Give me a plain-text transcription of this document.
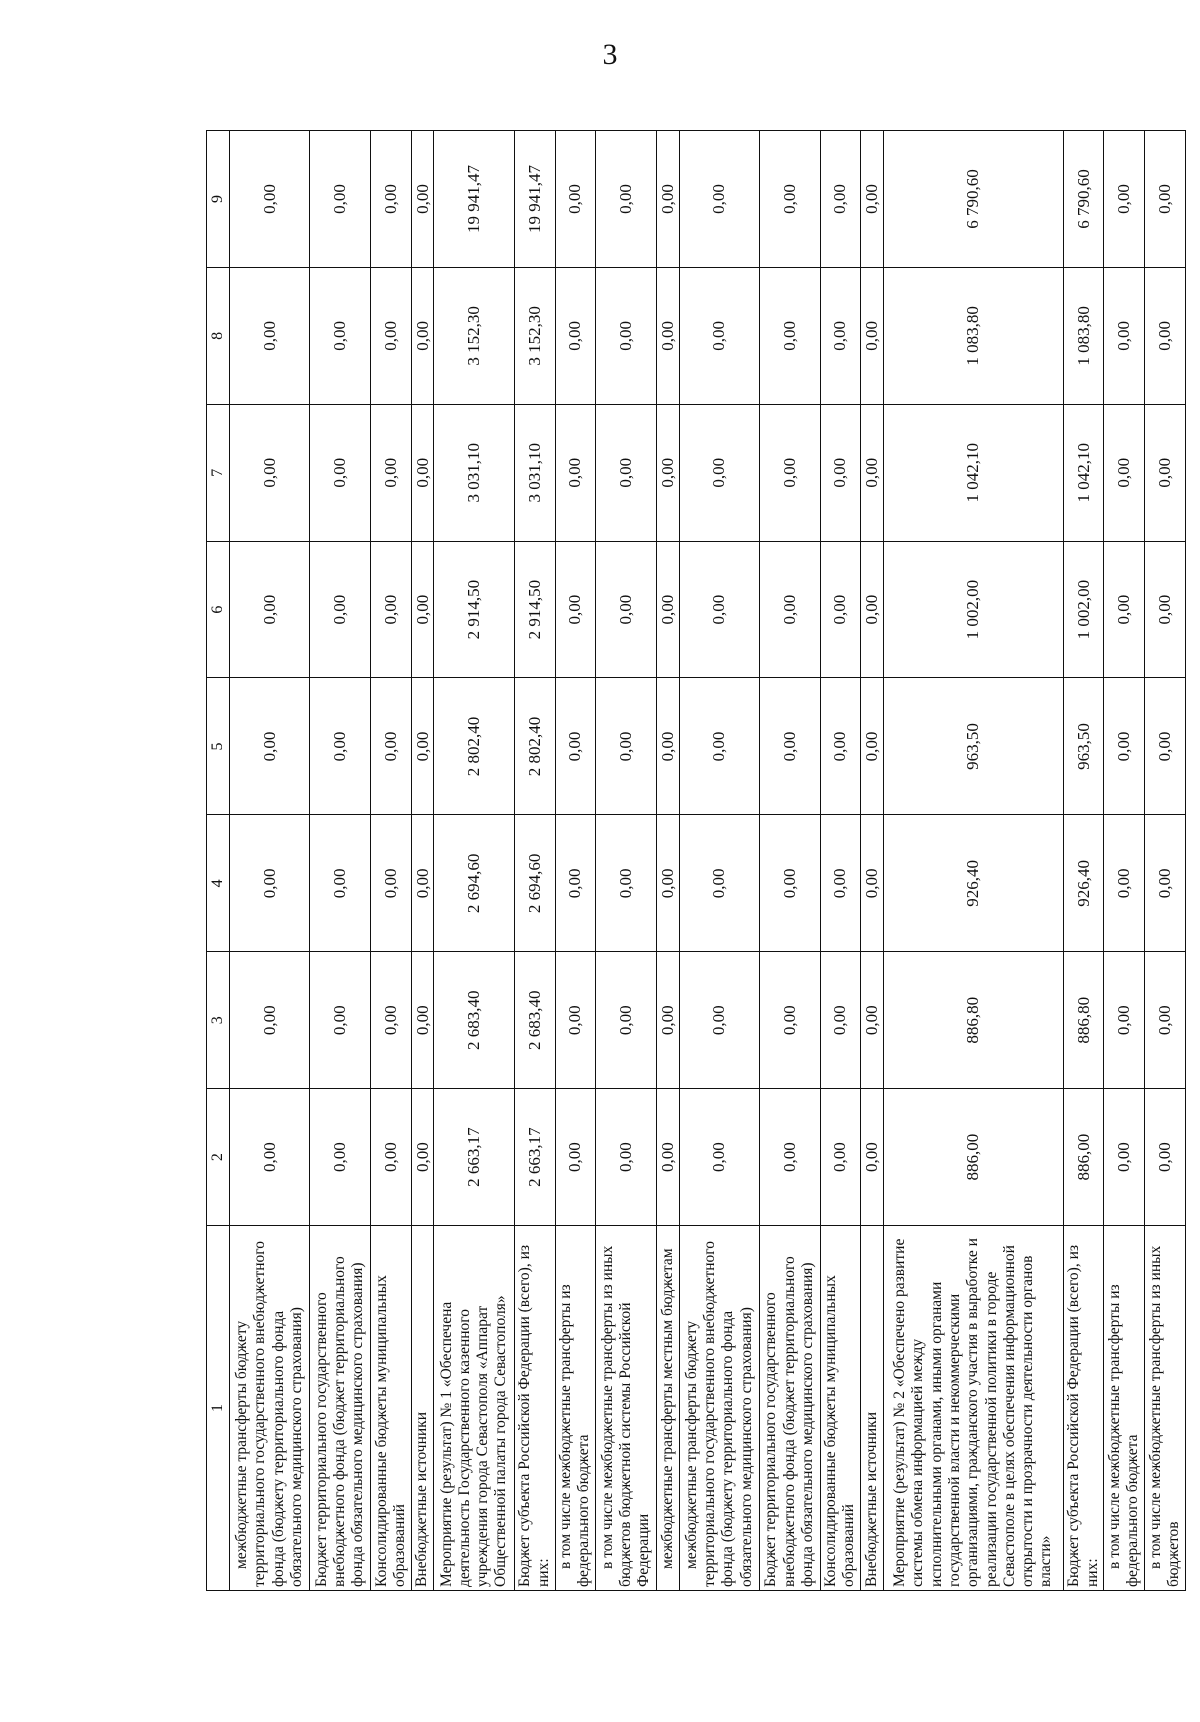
3
1	2	3	4	5	6	7	8	9
межбюджетные трансферты бюджету территориального государственного внебюджетного фонда (бюджету территориального фонда обязательного медицинского страхования)	0,00	0,00	0,00	0,00	0,00	0,00	0,00	0,00
Бюджет территориального государственного внебюджетного фонда (бюджет территориального фонда обязательного медицинского страхования)	0,00	0,00	0,00	0,00	0,00	0,00	0,00	0,00
Консолидированные бюджеты муниципальных образований	0,00	0,00	0,00	0,00	0,00	0,00	0,00	0,00
Внебюджетные источники	0,00	0,00	0,00	0,00	0,00	0,00	0,00	0,00
Мероприятие (результат) № 1 «Обеспечена деятельность Государственного казенного учреждения города Севастополя «Аппарат Общественной палаты города Севастополя»	2 663,17	2 683,40	2 694,60	2 802,40	2 914,50	3 031,10	3 152,30	19 941,47
Бюджет субъекта Российской Федерации (всего), из них:	2 663,17	2 683,40	2 694,60	2 802,40	2 914,50	3 031,10	3 152,30	19 941,47
в том числе межбюджетные трансферты из федерального бюджета	0,00	0,00	0,00	0,00	0,00	0,00	0,00	0,00
в том числе межбюджетные трансферты из иных бюджетов бюджетной системы Российской Федерации	0,00	0,00	0,00	0,00	0,00	0,00	0,00	0,00
межбюджетные трансферты местным бюджетам	0,00	0,00	0,00	0,00	0,00	0,00	0,00	0,00
межбюджетные трансферты бюджету территориального государственного внебюджетного фонда (бюджету территориального фонда обязательного медицинского страхования)	0,00	0,00	0,00	0,00	0,00	0,00	0,00	0,00
Бюджет территориального государственного внебюджетного фонда (бюджет территориального фонда обязательного медицинского страхования)	0,00	0,00	0,00	0,00	0,00	0,00	0,00	0,00
Консолидированные бюджеты муниципальных образований	0,00	0,00	0,00	0,00	0,00	0,00	0,00	0,00
Внебюджетные источники	0,00	0,00	0,00	0,00	0,00	0,00	0,00	0,00
Мероприятие (результат) № 2 «Обеспечено развитие системы обмена информацией между исполнительными органами, иными органами государственной власти и некоммерческими организациями, гражданского участия в выработке и реализации государственной политики в городе Севастополе в целях обеспечения информационной открытости и прозрачности деятельности органов власти»	886,00	886,80	926,40	963,50	1 002,00	1 042,10	1 083,80	6 790,60
Бюджет субъекта Российской Федерации (всего), из них:	886,00	886,80	926,40	963,50	1 002,00	1 042,10	1 083,80	6 790,60
в том числе межбюджетные трансферты из федерального бюджета	0,00	0,00	0,00	0,00	0,00	0,00	0,00	0,00
в том числе межбюджетные трансферты из иных бюджетов	0,00	0,00	0,00	0,00	0,00	0,00	0,00	0,00
